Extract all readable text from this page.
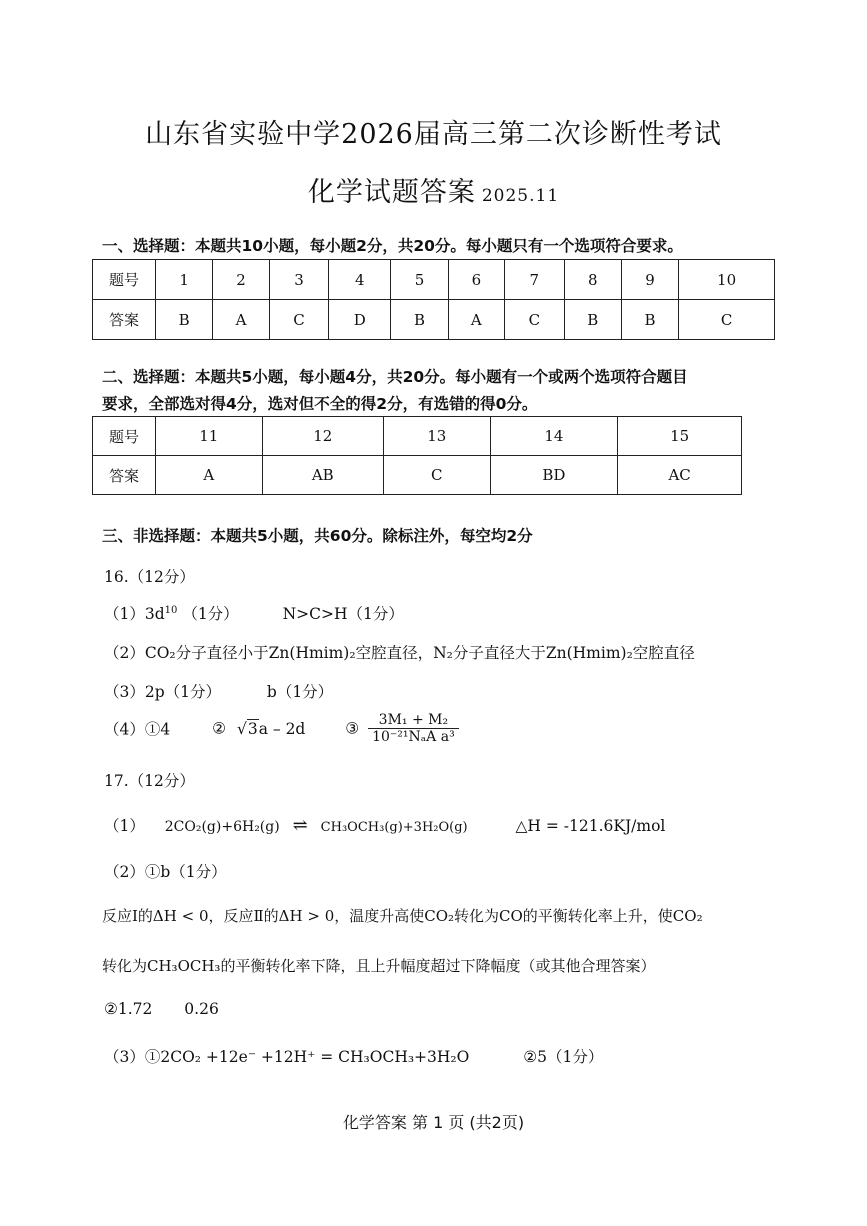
山东省实验中学2026届高三第二次诊断性考试
化学试题答案 2025.11
一、选择题：本题共10小题，每小题2分，共20分。每小题只有一个选项符合要求。
题号	1	2	3	4	5	6	7	8	9	10
答案	B	A	C	D	B	A	C	B	B	C
二、选择题：本题共5小题，每小题4分，共20分。每小题有一个或两个选项符合题目
要求，全部选对得4分，选对但不全的得2分，有选错的得0分。
题号	11	12	13	14	15
答案	A	AB	C	BD	AC
三、非选择题：本题共5小题，共60分。除标注外，每空均2分
16.（12分）
$(1)3d^{10}$ （1分）	N>C>H（1分）
（2）CO₂分子直径小于Zn(Hmim)₂空腔直径，N₂分子直径大于Zn(Hmim)₂空腔直径
（3）2p（1分）	b（1分）
（4）①4	② √3a – 2d	③ $\frac{\text{3M₁ + M₂}}{\text{10⁻²¹NₐA a³}}$
17.（12分）
（1） 2CO₂(g)+6H₂(g) ⇌ CH₃OCH₃(g)+3H₂O(g)	△H = -121.6KJ/mol
（2）①b（1分）
反应Ⅰ的ΔH < 0，反应Ⅱ的ΔH > 0，温度升高使CO₂转化为CO的平衡转化率上升，使CO₂
转化为CH₃OCH₃的平衡转化率下降，且上升幅度超过下降幅度（或其他合理答案）
②1.72 0.26
（3）①2CO₂ +12e⁻ +12H⁺ = CH₃OCH₃+3H₂O	②5（1分）
化学答案 第 1 页 (共2页)
